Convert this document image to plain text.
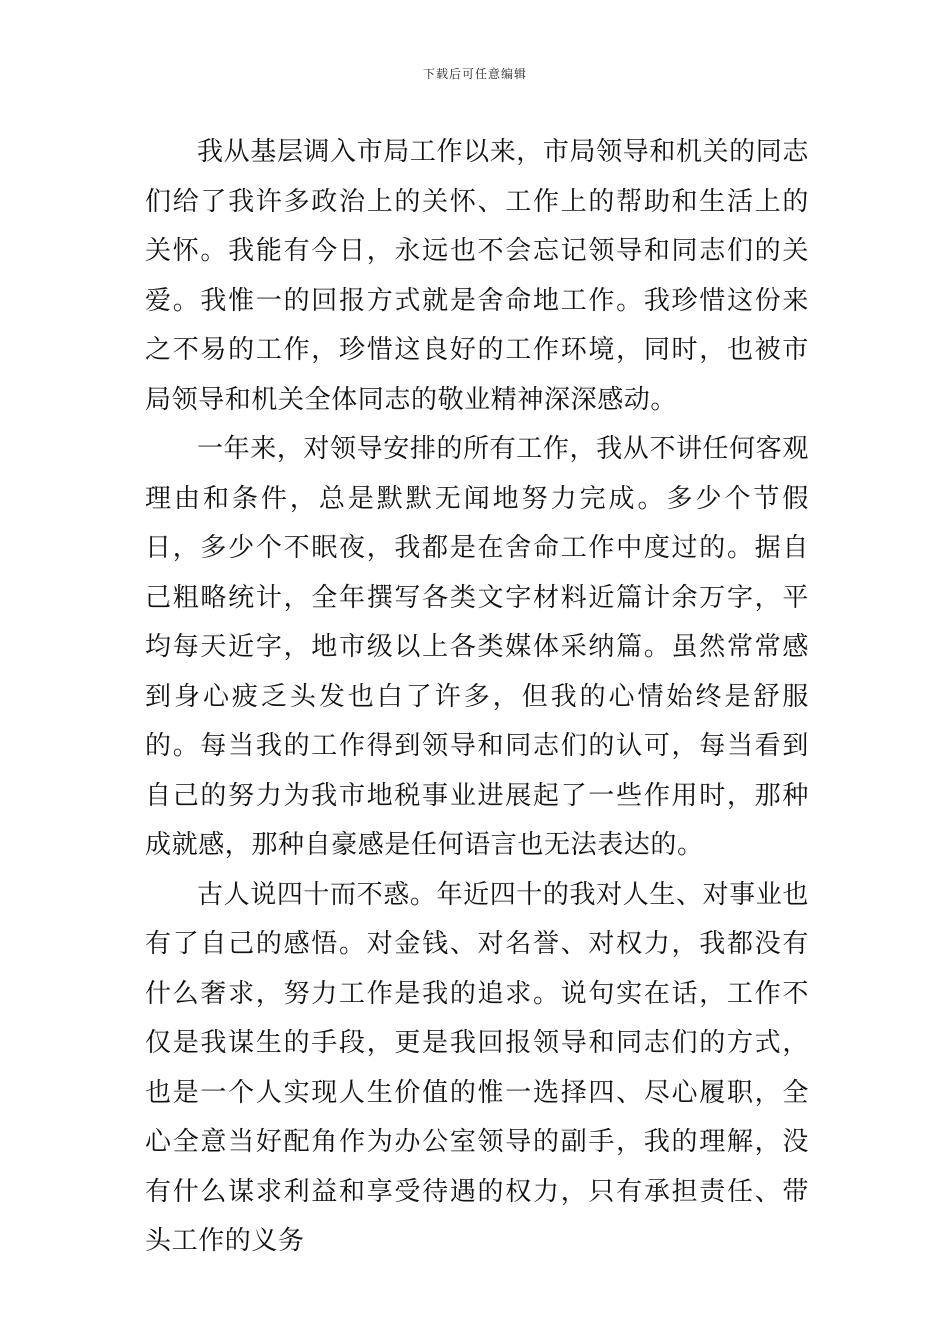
下载后可任意编辑

我从基层调入市局工作以来，市局领导和机关的同志们给了我许多政治上的关怀、工作上的帮助和生活上的关怀。我能有今日，永远也不会忘记领导和同志们的关爱。我惟一的回报方式就是舍命地工作。我珍惜这份来之不易的工作，珍惜这良好的工作环境，同时，也被市局领导和机关全体同志的敬业精神深深感动。

一年来，对领导安排的所有工作，我从不讲任何客观理由和条件，总是默默无闻地努力完成。多少个节假日，多少个不眠夜，我都是在舍命工作中度过的。据自己粗略统计，全年撰写各类文字材料近篇计余万字，平均每天近字，地市级以上各类媒体采纳篇。虽然常常感到身心疲乏头发也白了许多，但我的心情始终是舒服的。每当我的工作得到领导和同志们的认可，每当看到自己的努力为我市地税事业进展起了一些作用时，那种成就感，那种自豪感是任何语言也无法表达的。

古人说四十而不惑。年近四十的我对人生、对事业也有了自己的感悟。对金钱、对名誉、对权力，我都没有什么奢求，努力工作是我的追求。说句实在话，工作不仅是我谋生的手段，更是我回报领导和同志们的方式，也是一个人实现人生价值的惟一选择四、尽心履职，全心全意当好配角作为办公室领导的副手，我的理解，没有什么谋求利益和享受待遇的权力，只有承担责任、带头工作的义务
